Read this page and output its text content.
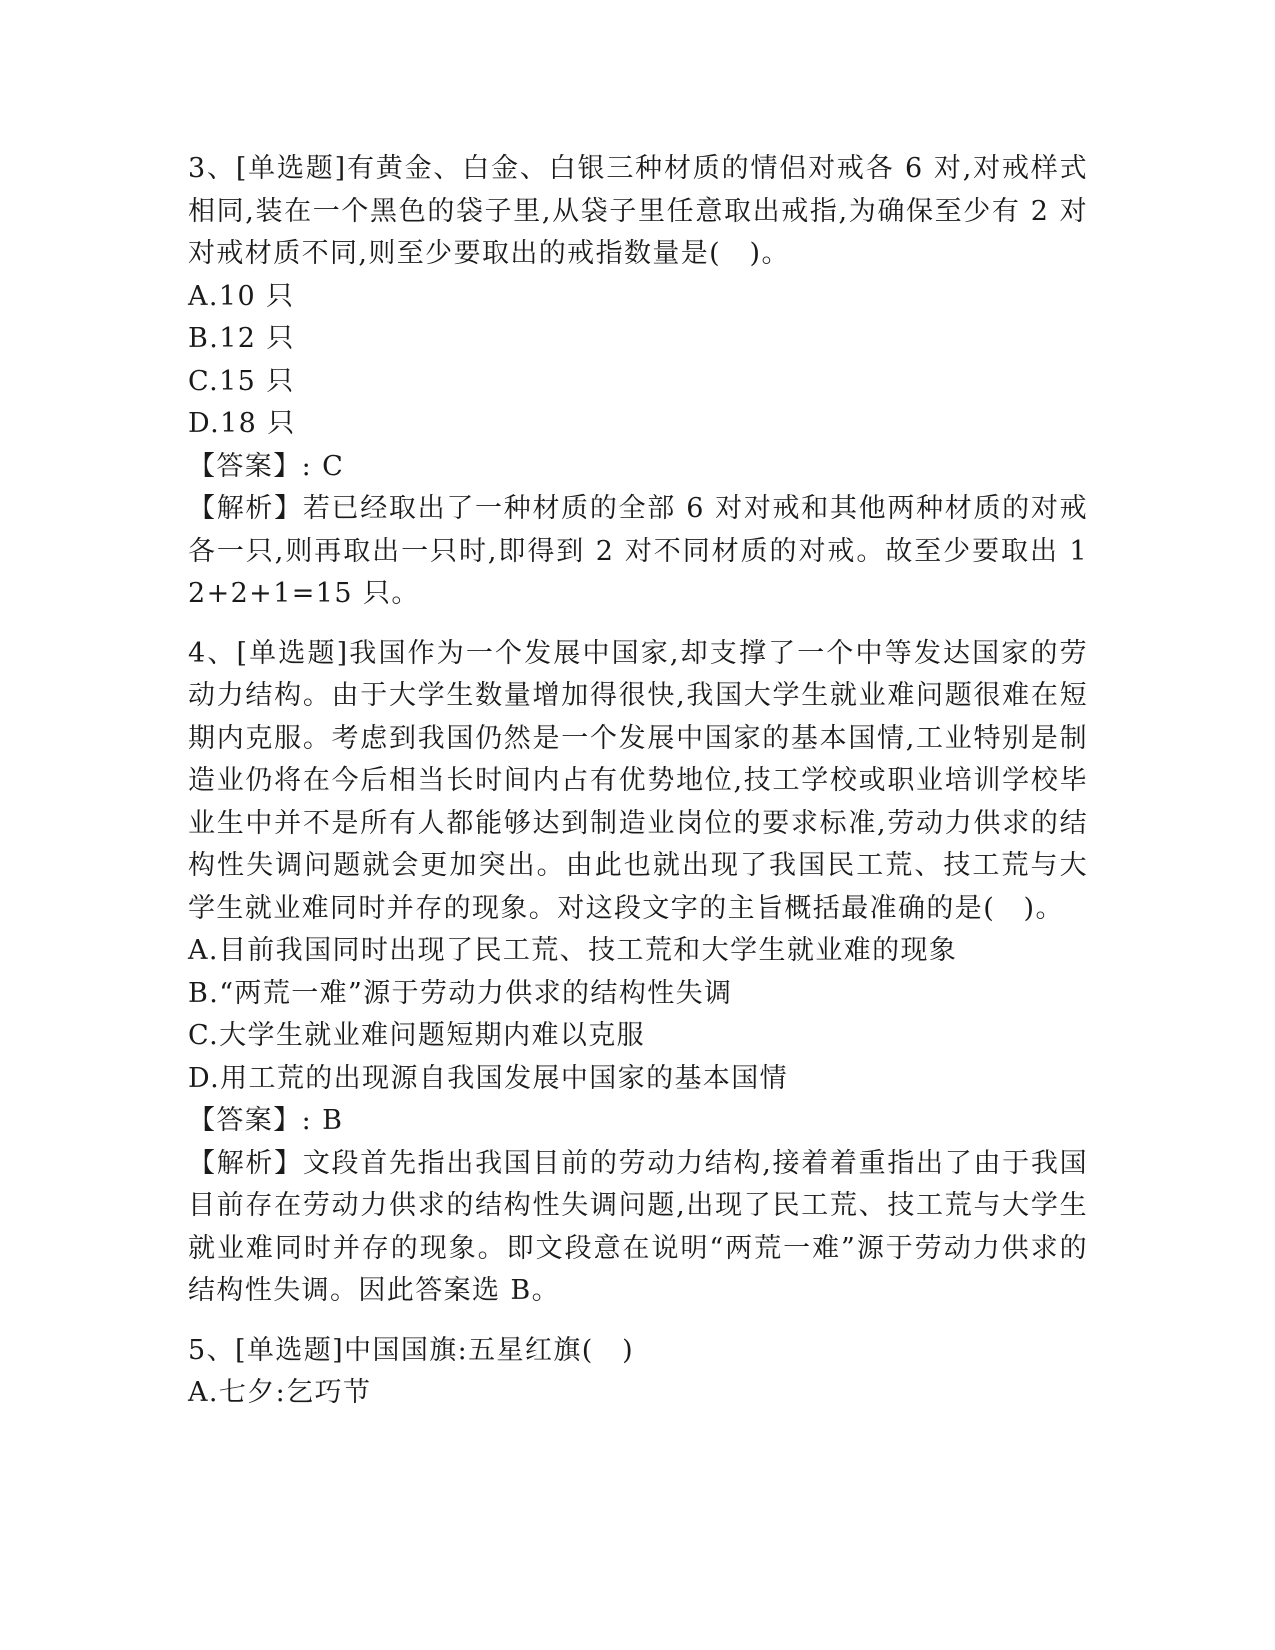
3、[单选题]有黄金、白金、白银三种材质的情侣对戒各 6 对,对戒样式相同,装在一个黑色的袋子里,从袋子里任意取出戒指,为确保至少有 2 对对戒材质不同,则至少要取出的戒指数量是(　)。

A.10 只

B.12 只

C.15 只

D.18 只

【答案】: C

【解析】若已经取出了一种材质的全部 6 对对戒和其他两种材质的对戒各一只,则再取出一只时,即得到 2 对不同材质的对戒。故至少要取出 12+2+1=15 只。

4、[单选题]我国作为一个发展中国家,却支撑了一个中等发达国家的劳动力结构。由于大学生数量增加得很快,我国大学生就业难问题很难在短期内克服。考虑到我国仍然是一个发展中国家的基本国情,工业特别是制造业仍将在今后相当长时间内占有优势地位,技工学校或职业培训学校毕业生中并不是所有人都能够达到制造业岗位的要求标准,劳动力供求的结构性失调问题就会更加突出。由此也就出现了我国民工荒、技工荒与大学生就业难同时并存的现象。对这段文字的主旨概括最准确的是(　)。

A.目前我国同时出现了民工荒、技工荒和大学生就业难的现象

B.“两荒一难”源于劳动力供求的结构性失调

C.大学生就业难问题短期内难以克服

D.用工荒的出现源自我国发展中国家的基本国情

【答案】: B

【解析】文段首先指出我国目前的劳动力结构,接着着重指出了由于我国目前存在劳动力供求的结构性失调问题,出现了民工荒、技工荒与大学生就业难同时并存的现象。即文段意在说明“两荒一难”源于劳动力供求的结构性失调。因此答案选 B。

5、[单选题]中国国旗:五星红旗(　)

A.七夕:乞巧节
